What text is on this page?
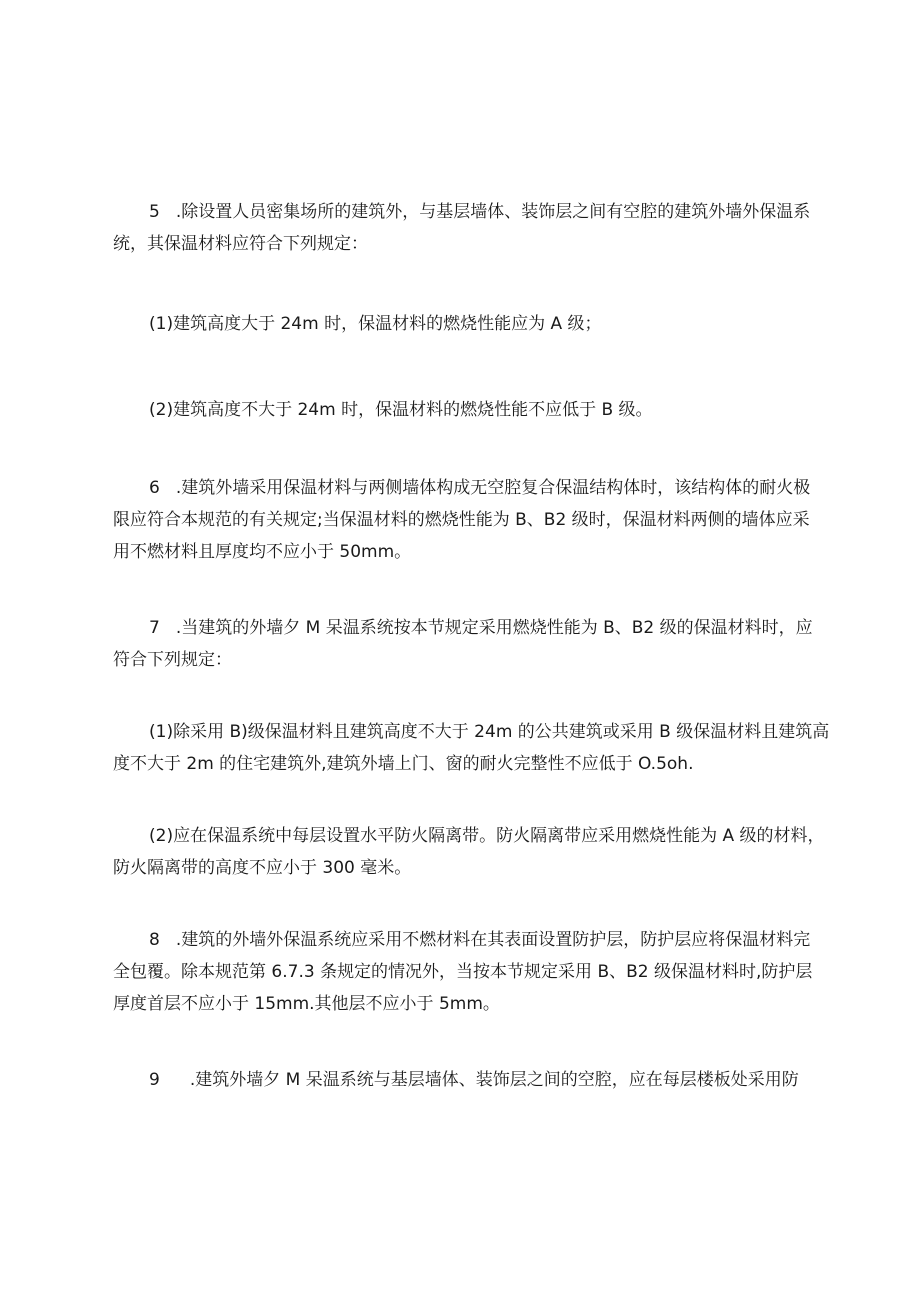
5 .除设置人员密集场所的建筑外，与基层墙体、装饰层之间有空腔的建筑外墙外保温系
统，其保温材料应符合下列规定：
(1)建筑高度大于 24m 时，保温材料的燃烧性能应为 A 级；
(2)建筑高度不大于 24m 时，保温材料的燃烧性能不应低于 B 级。
6 .建筑外墙采用保温材料与两侧墙体构成无空腔复合保温结构体时，该结构体的耐火极
限应符合本规范的有关规定;当保温材料的燃烧性能为 B、B2 级时，保温材料两侧的墙体应采
用不燃材料且厚度均不应小于 50mm。
7 .当建筑的外墙夕 M 呆温系统按本节规定采用燃烧性能为 B、B2 级的保温材料时，应
符合下列规定：
(1)除采用 B)级保温材料且建筑高度不大于 24m 的公共建筑或采用 B 级保温材料且建筑高
度不大于 2m 的住宅建筑外,建筑外墙上门、窗的耐火完整性不应低于 O.5oh.
(2)应在保温系统中每层设置水平防火隔离带。防火隔离带应采用燃烧性能为 A 级的材料，
防火隔离带的高度不应小于 300 毫米。
8 .建筑的外墙外保温系统应采用不燃材料在其表面设置防护层，防护层应将保温材料完
全包覆。除本规范第 6.7.3 条规定的情况外，当按本节规定采用 B、B2 级保温材料时,防护层
厚度首层不应小于 15mm.其他层不应小于 5mm。
9 .建筑外墙夕 M 呆温系统与基层墙体、装饰层之间的空腔，应在每层楼板处采用防
